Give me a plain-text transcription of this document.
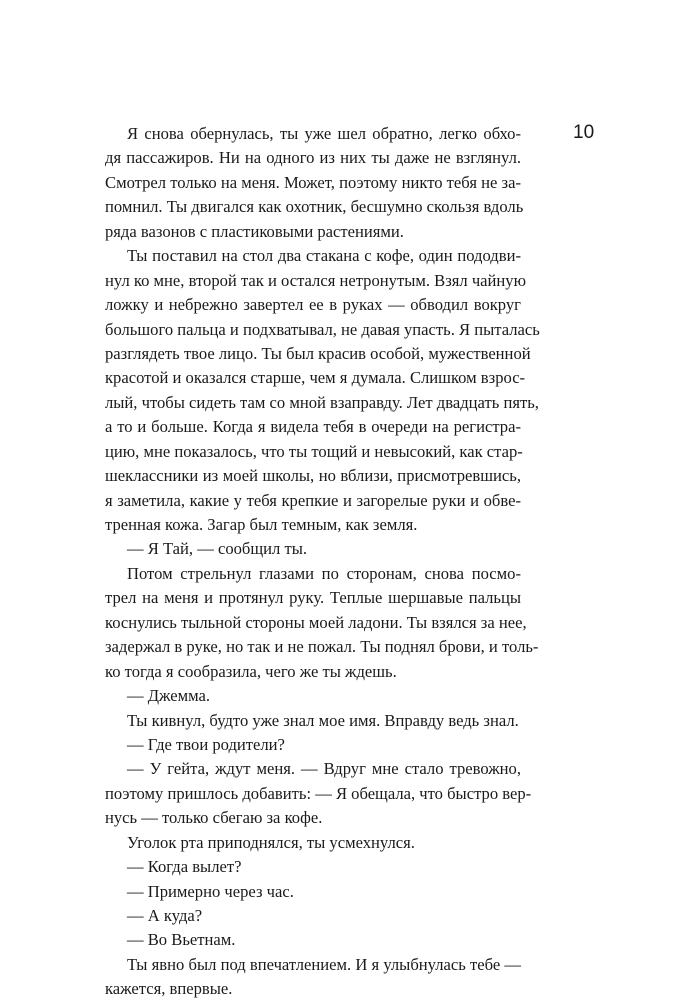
10
Я снова обернулась, ты уже шел обратно, легко обхо-
дя пассажиров. Ни на одного из них ты даже не взглянул.
Смотрел только на меня. Может, поэтому никто тебя не за-
помнил. Ты двигался как охотник, бесшумно скользя вдоль
ряда вазонов с пластиковыми растениями.
Ты поставил на стол два стакана с кофе, один пододви-
нул ко мне, второй так и остался нетронутым. Взял чайную
ложку и небрежно завертел ее в руках — обводил вокруг
большого пальца и подхватывал, не давая упасть. Я пыталась
разглядеть твое лицо. Ты был красив особой, мужественной
красотой и оказался старше, чем я думала. Слишком взрос-
лый, чтобы сидеть там со мной взаправду. Лет двадцать пять,
а то и больше. Когда я видела тебя в очереди на регистра-
цию, мне показалось, что ты тощий и невысокий, как стар-
шеклассники из моей школы, но вблизи, присмотревшись,
я заметила, какие у тебя крепкие и загорелые руки и обве-
тренная кожа. Загар был темным, как земля.
— Я Тай, — сообщил ты.
Потом стрельнул глазами по сторонам, снова посмо-
трел на меня и протянул руку. Теплые шершавые пальцы
коснулись тыльной стороны моей ладони. Ты взялся за нее,
задержал в руке, но так и не пожал. Ты поднял брови, и толь-
ко тогда я сообразила, чего же ты ждешь.
— Джемма.
Ты кивнул, будто уже знал мое имя. Вправду ведь знал.
— Где твои родители?
— У гейта, ждут меня. — Вдруг мне стало тревожно,
поэтому пришлось добавить: — Я обещала, что быстро вер-
нусь — только сбегаю за кофе.
Уголок рта приподнялся, ты усмехнулся.
— Когда вылет?
— Примерно через час.
— А куда?
— Во Вьетнам.
Ты явно был под впечатлением. И я улыбнулась тебе —
кажется, впервые.
